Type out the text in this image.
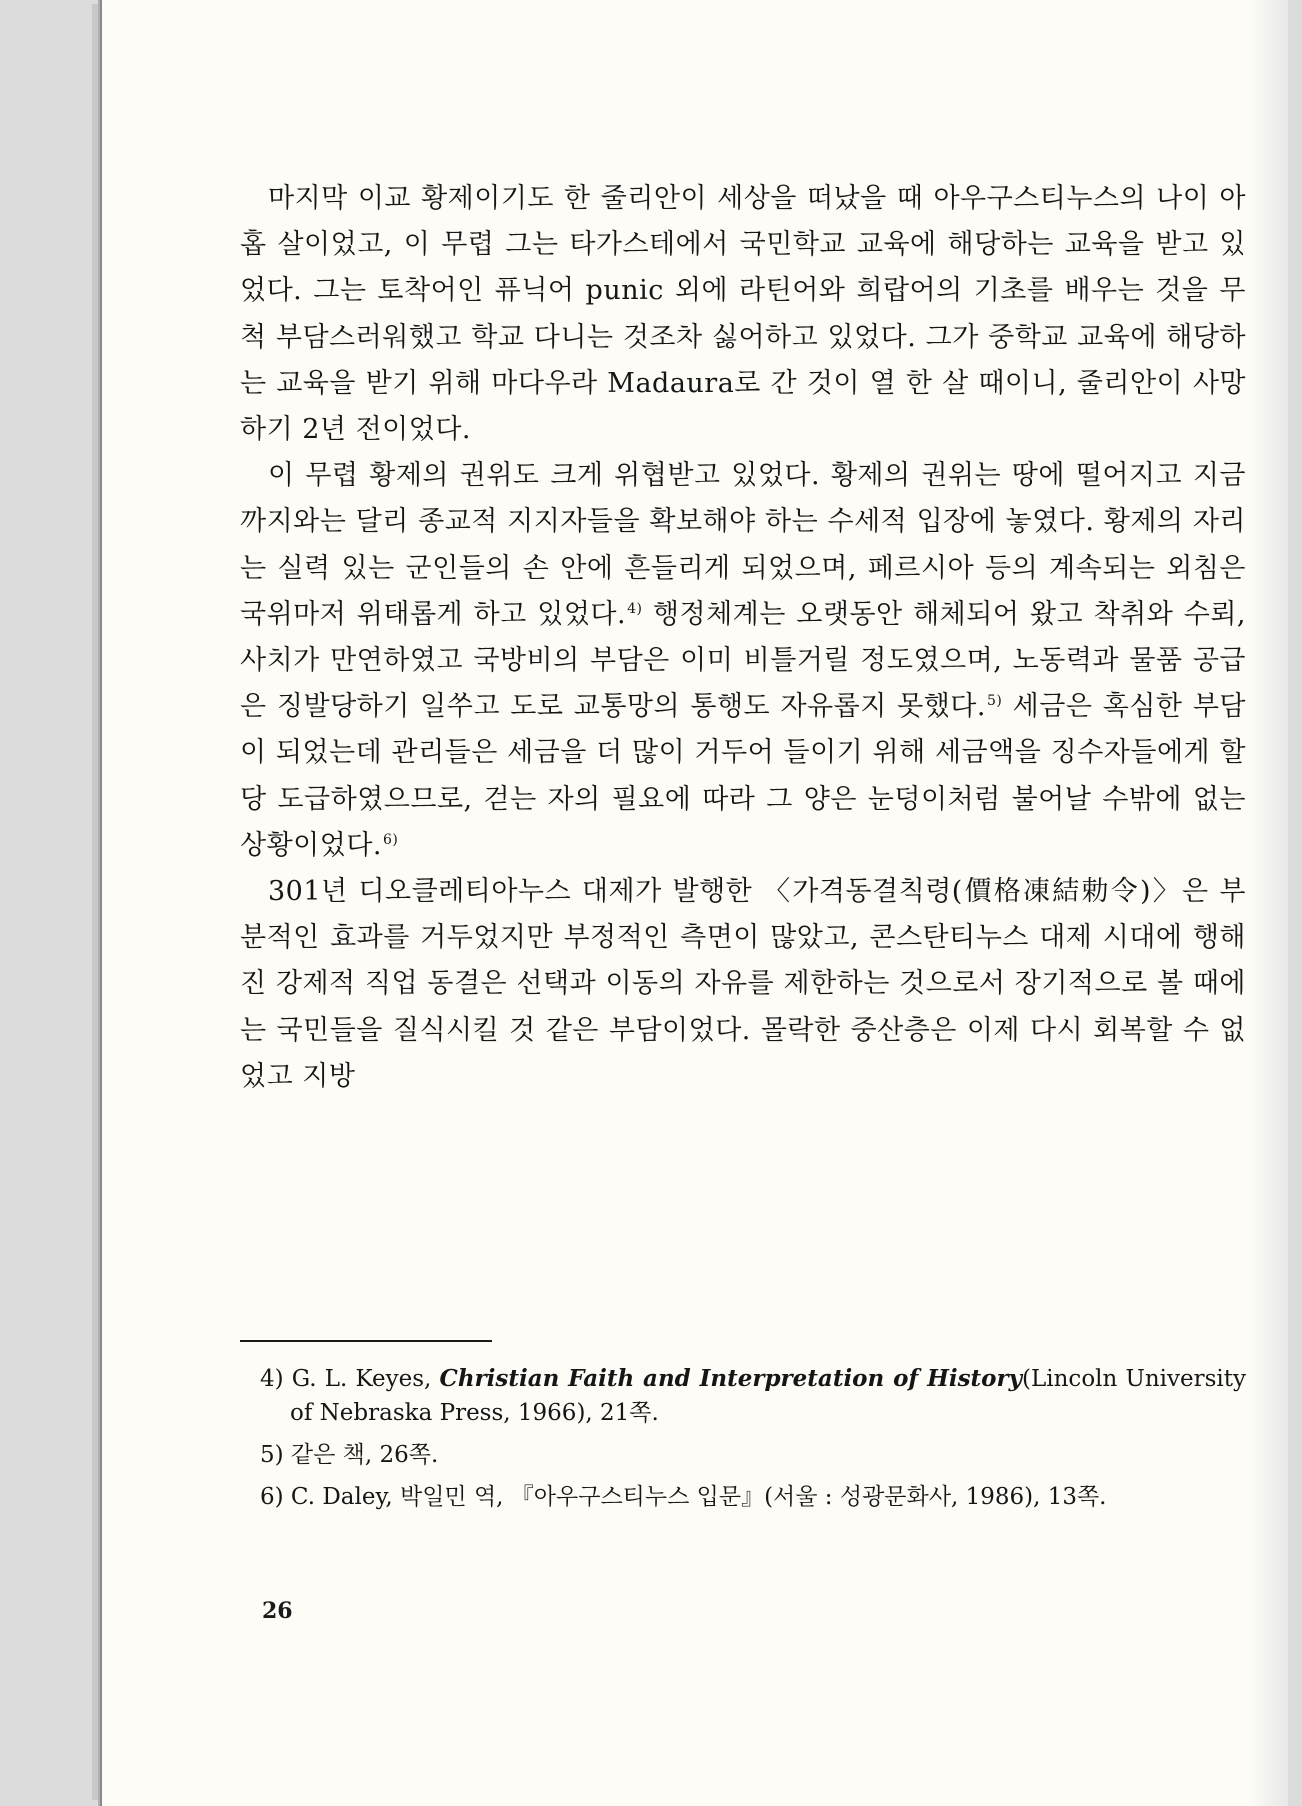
마지막 이교 황제이기도 한 줄리안이 세상을 떠났을 때 아우구스티누스의 나이 아홉 살이었고, 이 무렵 그는 타가스테에서 국민학교 교육에 해당하는 교육을 받고 있었다. 그는 토착어인 퓨닉어 punic 외에 라틴어와 희랍어의 기초를 배우는 것을 무척 부담스러워했고 학교 다니는 것조차 싫어하고 있었다. 그가 중학교 교육에 해당하는 교육을 받기 위해 마다우라 Madaura로 간 것이 열 한 살 때이니, 줄리안이 사망하기 2년 전이었다.

이 무렵 황제의 권위도 크게 위협받고 있었다. 황제의 권위는 땅에 떨어지고 지금까지와는 달리 종교적 지지자들을 확보해야 하는 수세적 입장에 놓였다. 황제의 자리는 실력 있는 군인들의 손 안에 흔들리게 되었으며, 페르시아 등의 계속되는 외침은 국위마저 위태롭게 하고 있었다.$^{4)}$ 행정체계는 오랫동안 해체되어 왔고 착취와 수뢰, 사치가 만연하였고 국방비의 부담은 이미 비틀거릴 정도였으며, 노동력과 물품 공급은 징발당하기 일쑤고 도로 교통망의 통행도 자유롭지 못했다.$^{5)}$ 세금은 혹심한 부담이 되었는데 관리들은 세금을 더 많이 거두어 들이기 위해 세금액을 징수자들에게 할당 도급하였으므로, 걷는 자의 필요에 따라 그 양은 눈덩이처럼 불어날 수밖에 없는 상황이었다.$^{6)}$

301년 디오클레티아누스 대제가 발행한 〈가격동결칙령(價格凍結勅令)〉은 부분적인 효과를 거두었지만 부정적인 측면이 많았고, 콘스탄티누스 대제 시대에 행해진 강제적 직업 동결은 선택과 이동의 자유를 제한하는 것으로서 장기적으로 볼 때에는 국민들을 질식시킬 것 같은 부담이었다. 몰락한 중산층은 이제 다시 회복할 수 없었고 지방

4) G. L. Keyes, Christian Faith and Interpretation of History(Lincoln University of Nebraska Press, 1966), 21쪽.

5) 같은 책, 26쪽.

6) C. Daley, 박일민 역, 『아우구스티누스 입문』(서울 : 성광문화사, 1986), 13쪽.

26
